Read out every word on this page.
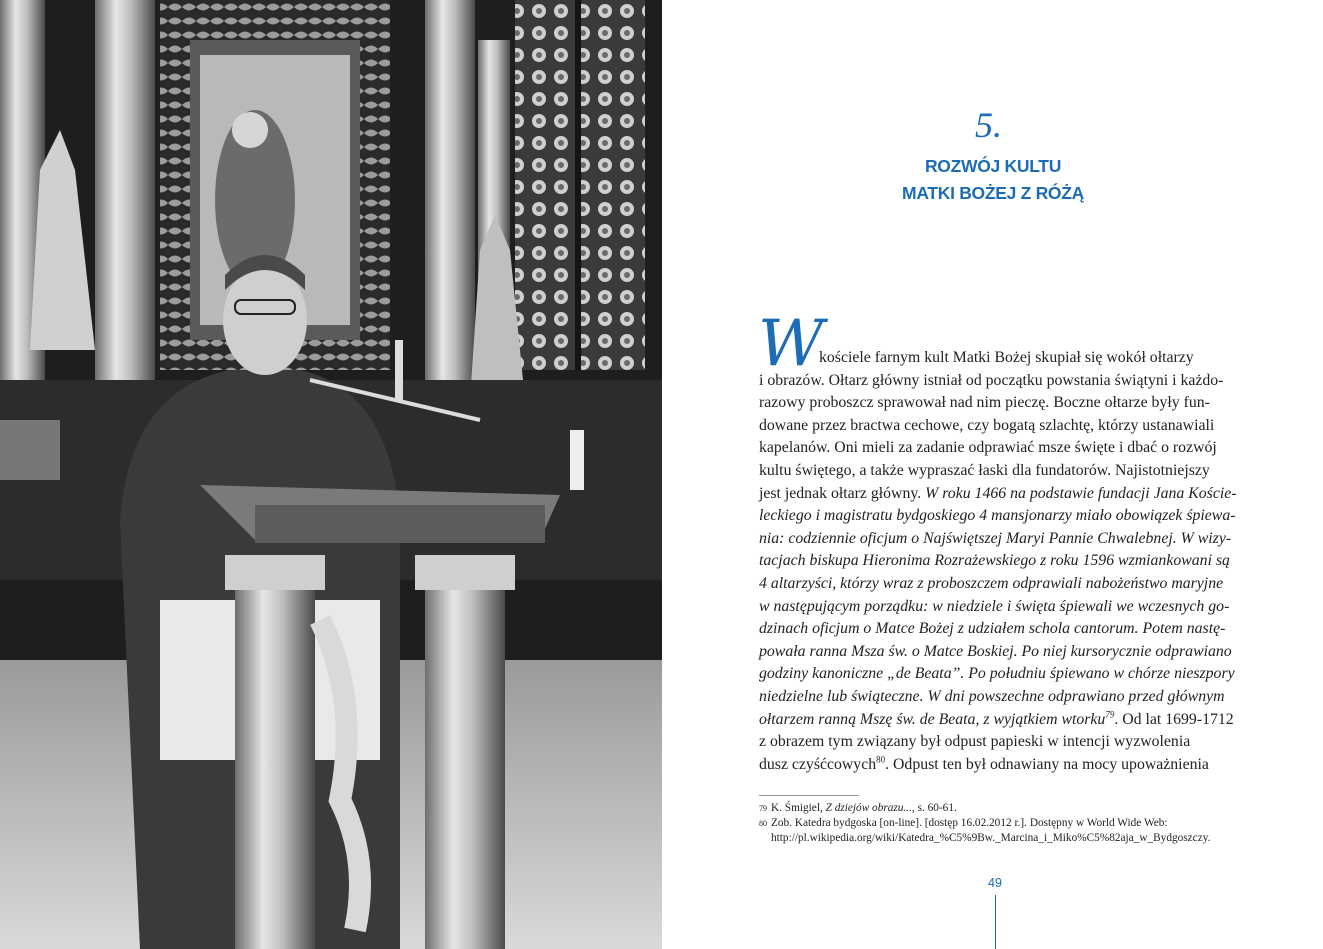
5.
ROZWÓJ KULTU
MATKI BOŻEJ Z RÓŻĄ
W
kościele farnym kult Matki Bożej skupiał się wokół ołtarzy
i obrazów. Ołtarz główny istniał od początku powstania świątyni i każdo-
razowy proboszcz sprawował nad nim pieczę. Boczne ołtarze były fun-
dowane przez bractwa cechowe, czy bogatą szlachtę, którzy ustanawiali
kapelanów. Oni mieli za zadanie odprawiać msze święte i dbać o rozwój
kultu świętego, a także wypraszać łaski dla fundatorów. Najistotniejszy
jest jednak ołtarz główny. W roku 1466 na podstawie fundacji Jana Koście-
leckiego i magistratu bydgoskiego 4 mansjonarzy miało obowiązek śpiewa-
nia: codziennie oficjum o Najświętszej Maryi Pannie Chwalebnej. W wizy-
tacjach biskupa Hieronima Rozrażewskiego z roku 1596 wzmiankowani są
4 altarzyści, którzy wraz z proboszczem odprawiali nabożeństwo maryjne
w następującym porządku: w niedziele i święta śpiewali we wczesnych go-
dzinach oficjum o Matce Bożej z udziałem schola cantorum. Potem nastę-
powała ranna Msza św. o Matce Boskiej. Po niej kursorycznie odprawiano
godziny kanoniczne „de Beata”. Po południu śpiewano w chórze nieszpory
niedzielne lub świąteczne. W dni powszechne odprawiano przed głównym
ołtarzem ranną Mszę św. de Beata, z wyjątkiem wtorku$^{79}$. Od lat 1699-1712
z obrazem tym związany był odpust papieski w intencji wyzwolenia
dusz czyśćcowych$^{80}$. Odpust ten był odnawiany na mocy upoważnienia
79 K. Śmigiel, Z dziejów obrazu..., s. 60-61.
80 Zob. Katedra bydgoska [on-line]. [dostęp 16.02.2012 r.]. Dostępny w World Wide Web: http://pl.wikipedia.org/wiki/Katedra_%C5%9Bw._Marcina_i_Miko%C5%82aja_w_Bydgoszczy.
49
